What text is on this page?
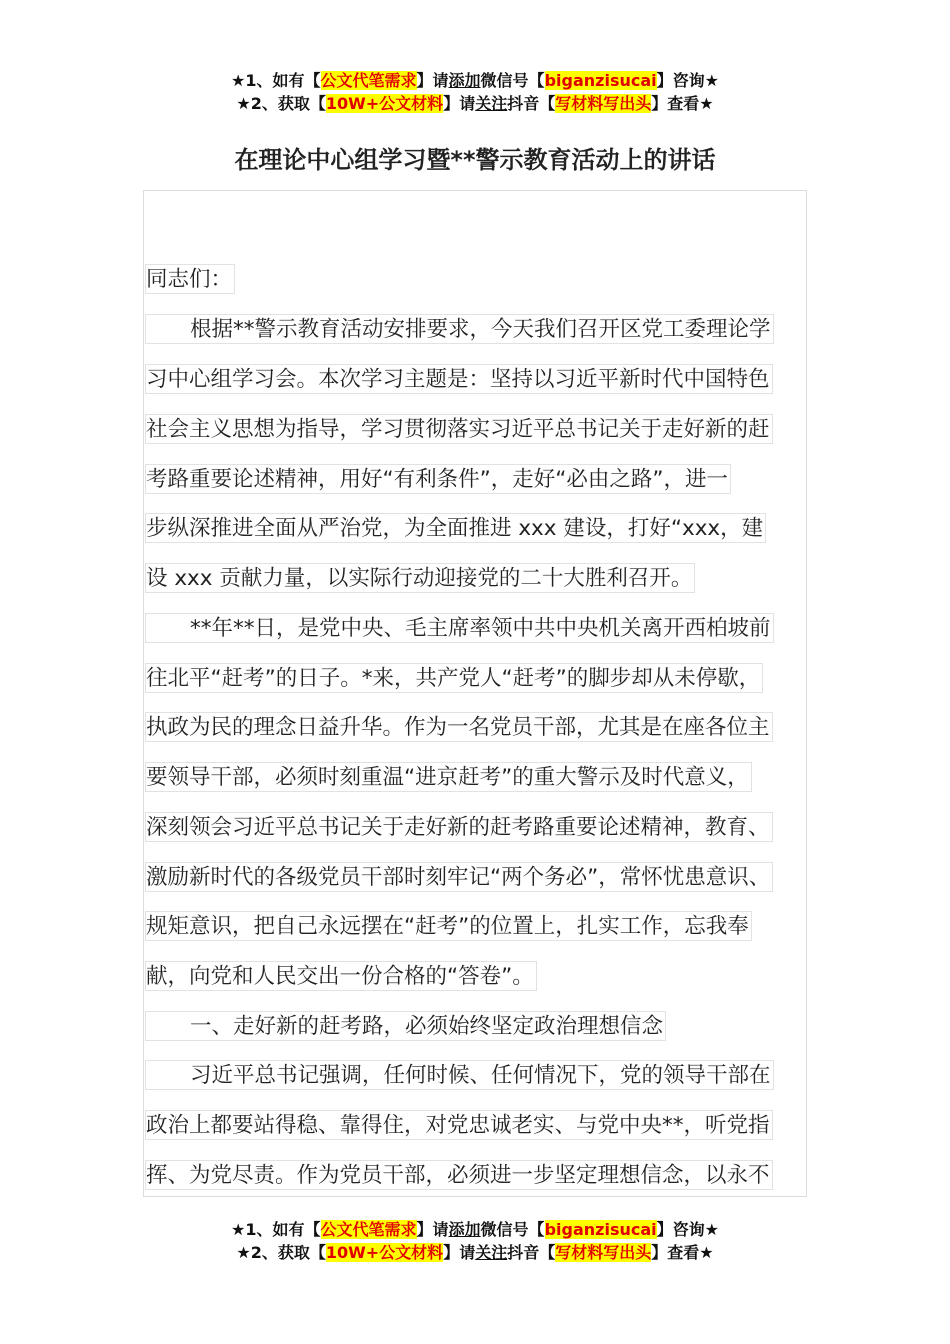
★1、如有【公文代笔需求】请添加微信号【biganzisucai】咨询★
★2、获取【10W+公文材料】请关注抖音【写材料写出头】查看★
在理论中心组学习暨**警示教育活动上的讲话
同志们：
根据**警示教育活动安排要求，今天我们召开区党工委理论学
习中心组学习会。本次学习主题是：坚持以习近平新时代中国特色
社会主义思想为指导，学习贯彻落实习近平总书记关于走好新的赶
考路重要论述精神，用好“有利条件”，走好“必由之路”，进一
步纵深推进全面从严治党，为全面推进 xxx 建设，打好“xxx，建
设 xxx 贡献力量，以实际行动迎接党的二十大胜利召开。
**年**日，是党中央、毛主席率领中共中央机关离开西柏坡前
往北平“赶考”的日子。*来，共产党人“赶考”的脚步却从未停歇，
执政为民的理念日益升华。作为一名党员干部，尤其是在座各位主
要领导干部，必须时刻重温“进京赶考”的重大警示及时代意义，
深刻领会习近平总书记关于走好新的赶考路重要论述精神，教育、
激励新时代的各级党员干部时刻牢记“两个务必”，常怀忧患意识、
规矩意识，把自己永远摆在“赶考”的位置上，扎实工作，忘我奉
献，向党和人民交出一份合格的“答卷”。
一、走好新的赶考路，必须始终坚定政治理想信念
习近平总书记强调，任何时候、任何情况下，党的领导干部在
政治上都要站得稳、靠得住，对党忠诚老实、与党中央**，听党指
挥、为党尽责。作为党员干部，必须进一步坚定理想信念，以永不
★1、如有【公文代笔需求】请添加微信号【biganzisucai】咨询★
★2、获取【10W+公文材料】请关注抖音【写材料写出头】查看★
